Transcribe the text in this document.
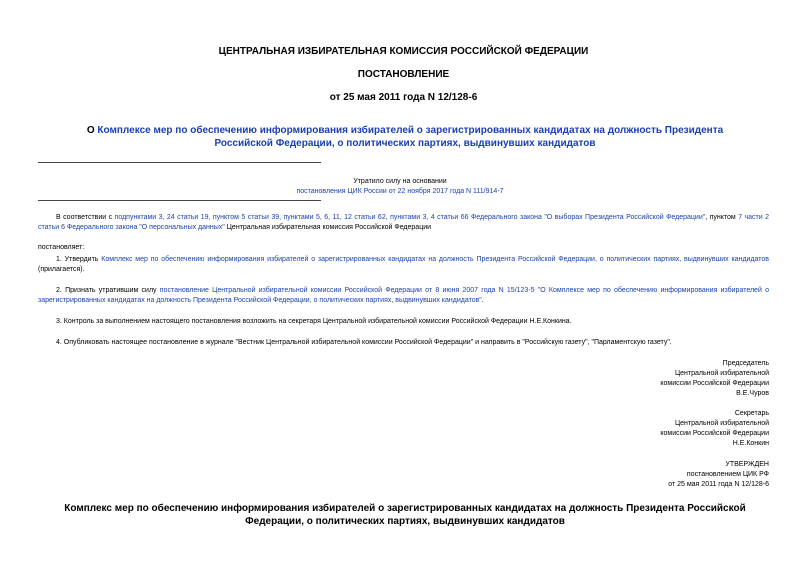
ЦЕНТРАЛЬНАЯ ИЗБИРАТЕЛЬНАЯ КОМИССИЯ РОССИЙСКОЙ ФЕДЕРАЦИИ
ПОСТАНОВЛЕНИЕ
от 25 мая 2011 года N 12/128-6
О Комплексе мер по обеспечению информирования избирателей о зарегистрированных кандидатах на должность Президента Российской Федерации, о политических партиях, выдвинувших кандидатов
Утратило силу на основании
постановления ЦИК России от 22 ноября 2017 года N 111/914-7
В соответствии с подпунктами 3, 24 статьи 19, пунктом 5 статьи 39, пунктами 5, 6, 11, 12 статьи 62, пунктами 3, 4 статьи 66 Федерального закона "О выборах Президента Российской Федерации", пунктом 7 части 2 статьи 6 Федерального закона "О персональных данных" Центральная избирательная комиссия Российской Федерации
постановляет:
1. Утвердить Комплекс мер по обеспечению информирования избирателей о зарегистрированных кандидатах на должность Президента Российской Федерации, о политических партиях, выдвинувших кандидатов (прилагается).
2. Признать утратившим силу постановление Центральной избирательной комиссии Российской Федерации от 8 июня 2007 года N 15/123-5 "О Комплексе мер по обеспечению информирования избирателей о зарегистрированных кандидатах на должность Президента Российской Федерации, о политических партиях, выдвинувших кандидатов".
3. Контроль за выполнением настоящего постановления возложить на секретаря Центральной избирательной комиссии Российской Федерации Н.Е.Конкина.
4. Опубликовать настоящее постановление в журнале "Вестник Центральной избирательной комиссии Российской Федерации" и направить в "Российскую газету", "Парламентскую газету".
Председатель
Центральной избирательной
комиссии Российской Федерации
В.Е.Чуров
Секретарь
Центральной избирательной
комиссии Российской Федерации
Н.Е.Конкин
УТВЕРЖДЕН
постановлением ЦИК РФ
от 25 мая 2011 года N 12/128-6
Комплекс мер по обеспечению информирования избирателей о зарегистрированных кандидатах на должность Президента Российской Федерации, о политических партиях, выдвинувших кандидатов
